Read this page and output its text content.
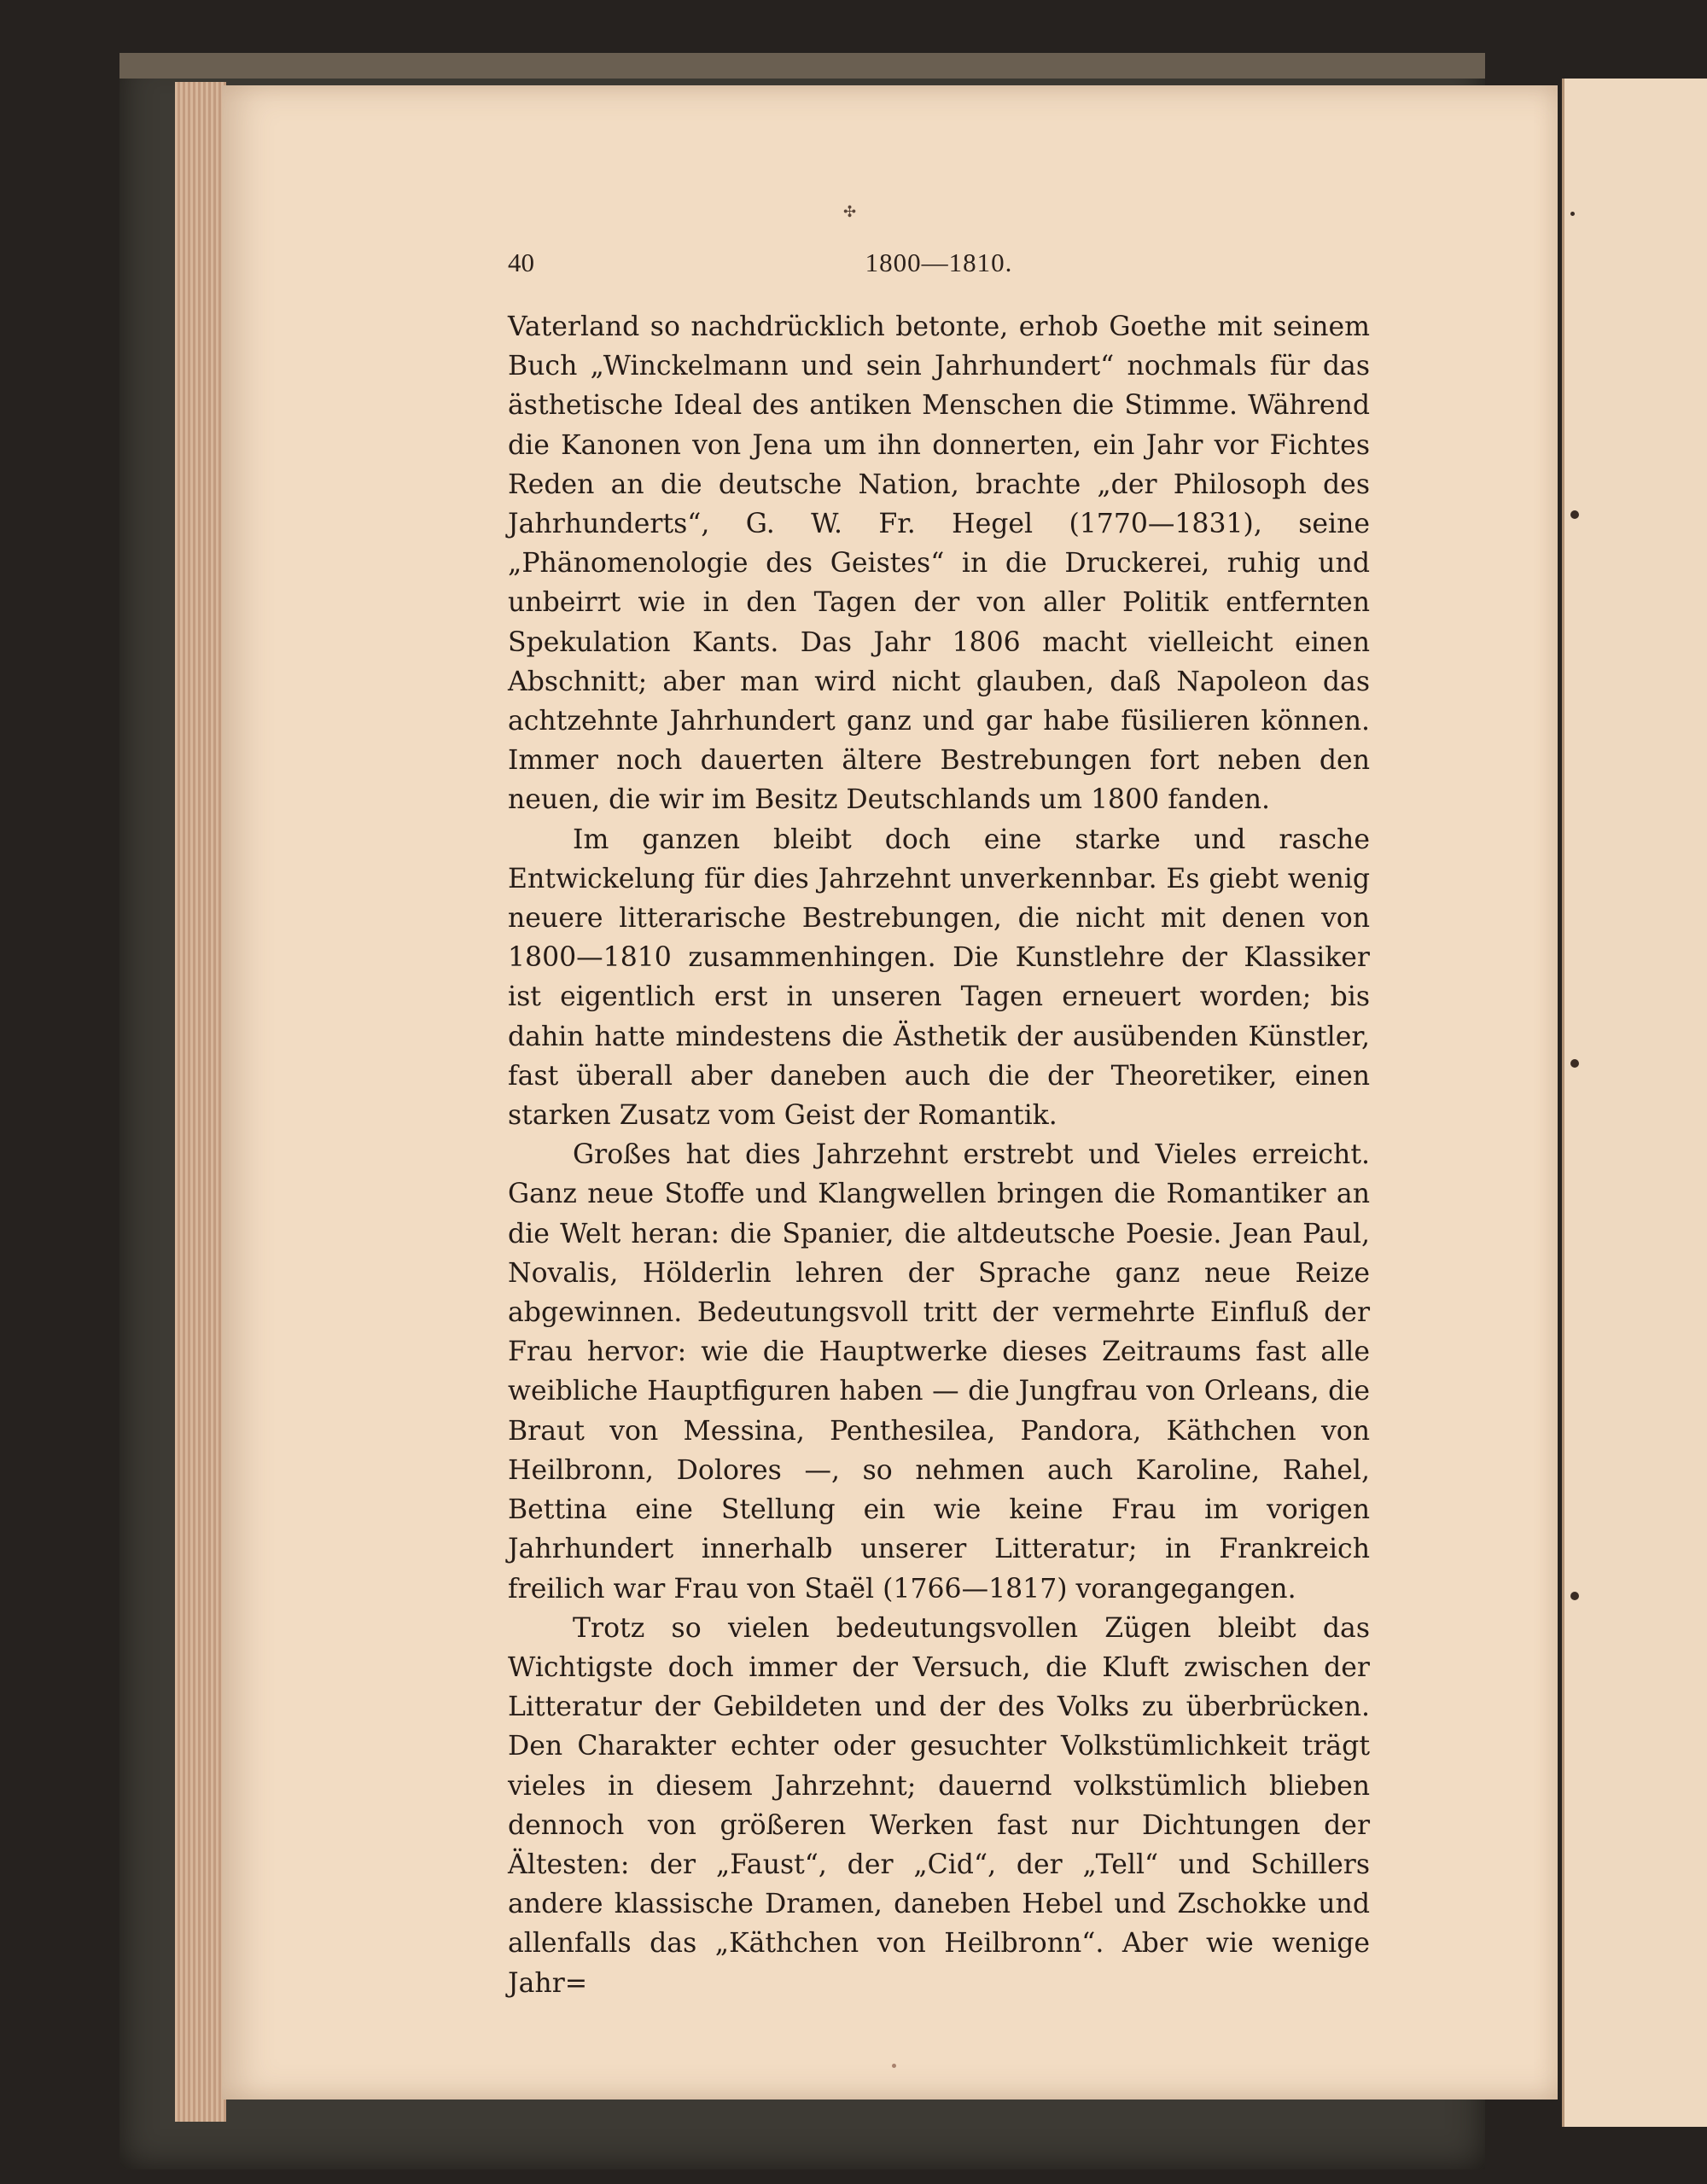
✣
40	1800—1810.

Vaterland so nachdrücklich betonte, erhob Goethe mit seinem Buch „Winckelmann und sein Jahrhundert“ nochmals für das ästhetische Ideal des antiken Menschen die Stimme. Während die Kanonen von Jena um ihn donnerten, ein Jahr vor Fichtes Reden an die deutsche Nation, brachte „der Philosoph des Jahrhunderts“, G. W. Fr. Hegel (1770—1831), seine „Phänomenologie des Geistes“ in die Druckerei, ruhig und unbeirrt wie in den Tagen der von aller Politik entfernten Spekulation Kants. Das Jahr 1806 macht vielleicht einen Abschnitt; aber man wird nicht glauben, daß Napoleon das achtzehnte Jahrhundert ganz und gar habe füsilieren können. Immer noch dauerten ältere Bestrebungen fort neben den neuen, die wir im Besitz Deutschlands um 1800 fanden.

Im ganzen bleibt doch eine starke und rasche Entwickelung für dies Jahrzehnt unverkennbar. Es giebt wenig neuere litterarische Bestrebungen, die nicht mit denen von 1800—1810 zusammenhingen. Die Kunstlehre der Klassiker ist eigentlich erst in unseren Tagen erneuert worden; bis dahin hatte mindestens die Ästhetik der ausübenden Künstler, fast überall aber daneben auch die der Theoretiker, einen starken Zusatz vom Geist der Romantik.

Großes hat dies Jahrzehnt erstrebt und Vieles erreicht. Ganz neue Stoffe und Klangwellen bringen die Romantiker an die Welt heran: die Spanier, die altdeutsche Poesie. Jean Paul, Novalis, Hölderlin lehren der Sprache ganz neue Reize abgewinnen. Bedeutungsvoll tritt der vermehrte Einfluß der Frau hervor: wie die Hauptwerke dieses Zeitraums fast alle weibliche Hauptfiguren haben — die Jungfrau von Orleans, die Braut von Messina, Penthesilea, Pandora, Käthchen von Heilbronn, Dolores —, so nehmen auch Karoline, Rahel, Bettina eine Stellung ein wie keine Frau im vorigen Jahrhundert innerhalb unserer Litteratur; in Frankreich freilich war Frau von Staël (1766—1817) vorangegangen.

Trotz so vielen bedeutungsvollen Zügen bleibt das Wichtigste doch immer der Versuch, die Kluft zwischen der Litteratur der Gebildeten und der des Volks zu überbrücken. Den Charakter echter oder gesuchter Volkstümlichkeit trägt vieles in diesem Jahrzehnt; dauernd volkstümlich blieben dennoch von größeren Werken fast nur Dichtungen der Ältesten: der „Faust“, der „Cid“, der „Tell“ und Schillers andere klassische Dramen, daneben Hebel und Zschokke und allenfalls das „Käthchen von Heilbronn“. Aber wie wenige Jahr=
